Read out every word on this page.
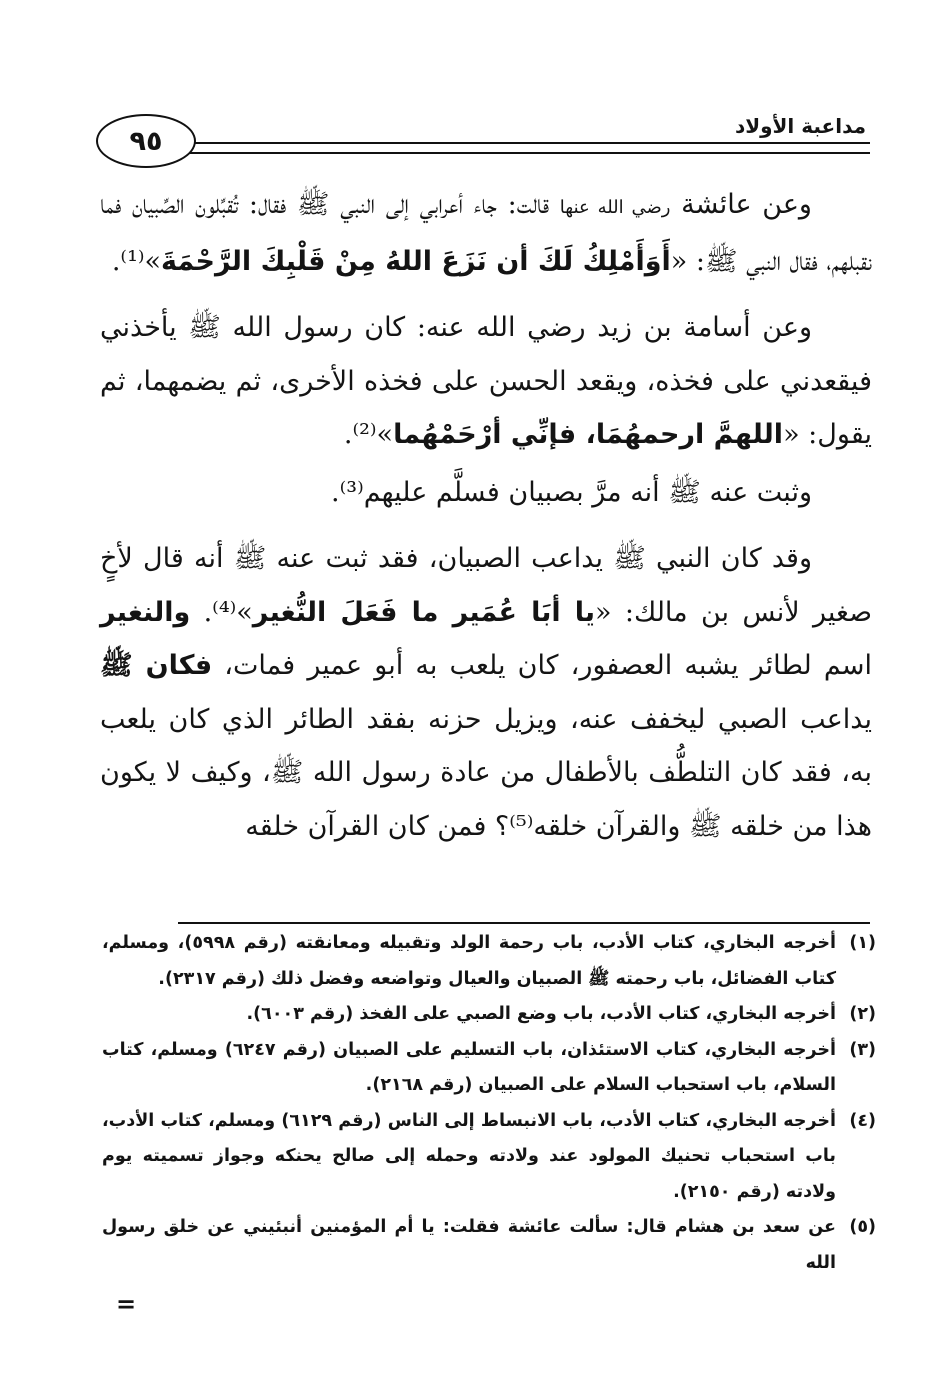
مداعبة الأولاد
٩٥

وعن عائشة رضي الله عنها قالت: جاء أعرابي إلى النبي ﷺ فقال: تُقبِّلون الصِّبيان فما نقبلهم، فقال النبي ﷺ: «أَوَأَمْلِكُ لَكَ أن نَزَعَ اللهُ مِنْ قَلْبِكَ الرَّحْمَةَ»⁽¹⁾.

وعن أسامة بن زيد رضي الله عنه: كان رسول الله ﷺ يأخذني فيقعدني على فخذه، ويقعد الحسن على فخذه الأخرى، ثم يضمهما، ثم يقول: «اللهمَّ ارحمهُمَا، فإنِّي أرْحَمْهُما»⁽²⁾.

وثبت عنه ﷺ أنه مرَّ بصبيان فسلَّم عليهم⁽³⁾.

وقد كان النبي ﷺ يداعب الصبيان، فقد ثبت عنه ﷺ أنه قال لأخٍ صغير لأنس بن مالك: «يا أبَا عُمَير ما فَعَلَ النُّغير»⁽⁴⁾. والنغير اسم لطائر يشبه العصفور، كان يلعب به أبو عمير فمات، فكان ﷺ يداعب الصبي ليخفف عنه، ويزيل حزنه بفقد الطائر الذي كان يلعب به، فقد كان التلطُّف بالأطفال من عادة رسول الله ﷺ، وكيف لا يكون هذا من خلقه ﷺ والقرآن خلقه⁽⁵⁾؟ فمن كان القرآن خلقه

(١)
أخرجه البخاري، كتاب الأدب، باب رحمة الولد وتقبيله ومعانقته (رقم ٥٩٩٨)، ومسلم، كتاب الفضائل، باب رحمته ﷺ الصبيان والعيال وتواضعه وفضل ذلك (رقم ٢٣١٧).
(٢)
أخرجه البخاري، كتاب الأدب، باب وضع الصبي على الفخذ (رقم ٦٠٠٣).
(٣)
أخرجه البخاري، كتاب الاستئذان، باب التسليم على الصبيان (رقم ٦٢٤٧) ومسلم، كتاب السلام، باب استحباب السلام على الصبيان (رقم ٢١٦٨).
(٤)
أخرجه البخاري، كتاب الأدب، باب الانبساط إلى الناس (رقم ٦١٢٩) ومسلم، كتاب الأدب، باب استحباب تحنيك المولود عند ولادته وحمله إلى صالح يحنكه وجواز تسميته يوم ولادته (رقم ٢١٥٠).
(٥)
عن سعد بن هشام قال: سألت عائشة فقلت: يا أم المؤمنين أنبئيني عن خلق رسول الله
=
